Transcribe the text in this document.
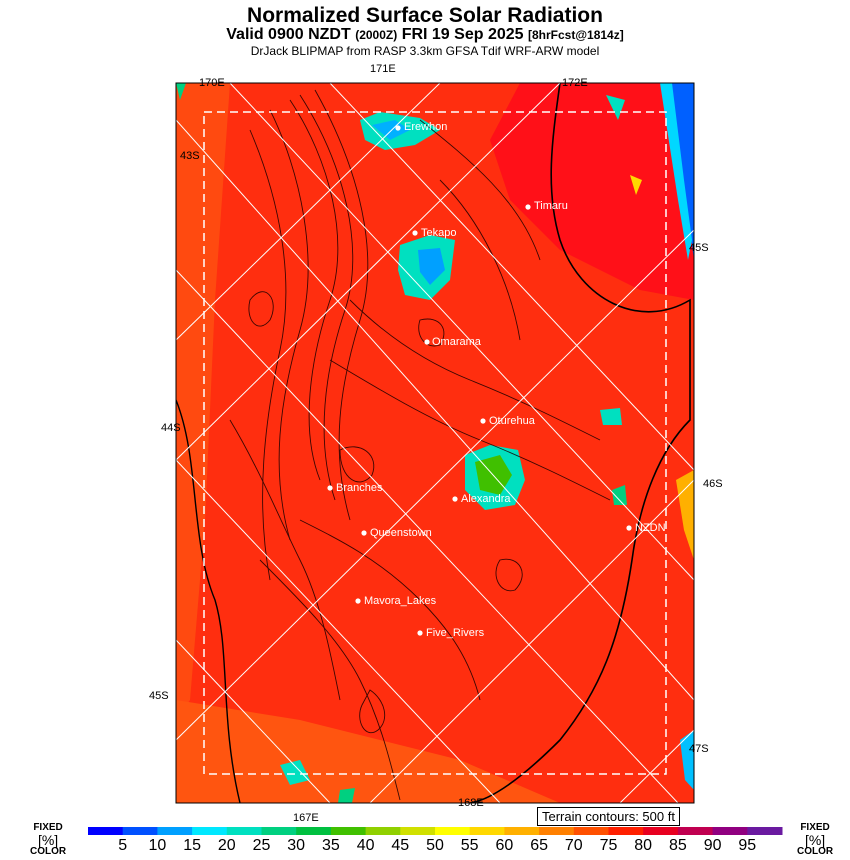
Normalized Surface Solar Radiation
Valid 0900 NZDT (2000Z) FRI 19 Sep 2025 [8hrFcst@1814z]
DrJack BLIPMAP from RASP 3.3km GFSA Tdif WRF-ARW model
Erewhon
Timaru
Tekapo
Omarama
Oturehua
Branches
Alexandra
NZDN
Queenstown
Mavora_Lakes
Five_Rivers
170E
171E
172E
167E
168E
43S
44S
45S
45S
46S
47S
Terrain contours: 500 ft
FIXED
[%]
COLOR
FIXED
[%]
COLOR
5	10	15	20	25	30	35	40	45	50	55	60	65	70	75	80	85	90	95
